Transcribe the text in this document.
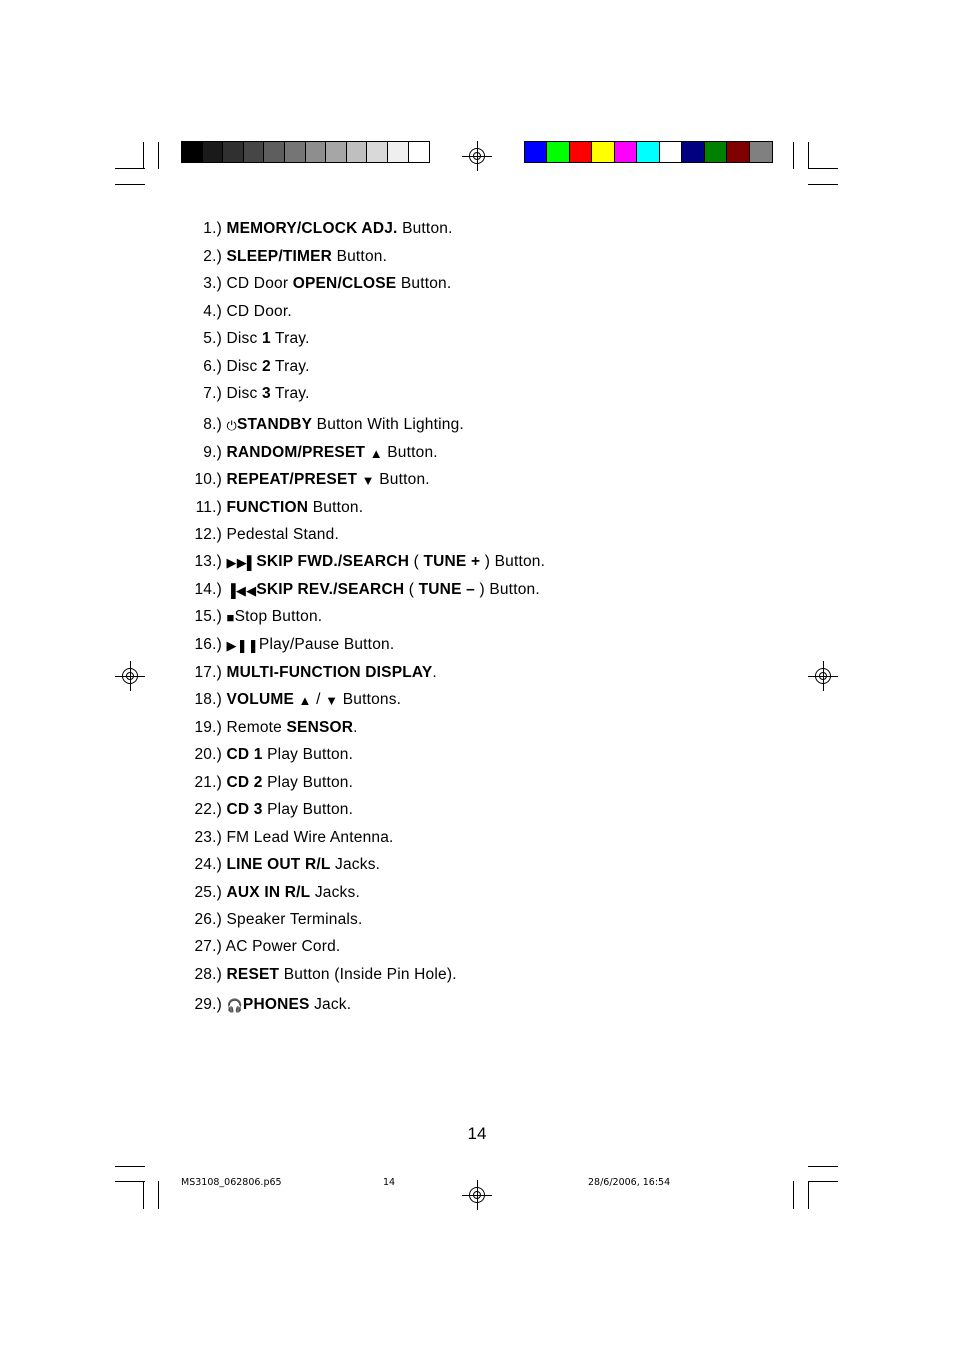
1.) MEMORY/CLOCK ADJ. Button.
2.) SLEEP/TIMER Button.
3.) CD Door OPEN/CLOSE Button.
4.) CD Door.
5.) Disc 1 Tray.
6.) Disc 2 Tray.
7.) Disc 3 Tray.
8.) ⏻STANDBY Button With Lighting.
9.) RANDOM/PRESET ▲ Button.
10.) REPEAT/PRESET ▼ Button.
11.) FUNCTION Button.
12.) Pedestal Stand.
13.) ▶▶▌SKIP FWD./SEARCH ( TUNE + ) Button.
14.) ▐◀◀SKIP REV./SEARCH ( TUNE – ) Button.
15.) ■Stop Button.
16.) ▶❚❚Play/Pause Button.
17.) MULTI-FUNCTION DISPLAY.
18.) VOLUME ▲ / ▼ Buttons.
19.) Remote SENSOR.
20.) CD 1 Play Button.
21.) CD 2 Play Button.
22.) CD 3 Play Button.
23.) FM Lead Wire Antenna.
24.) LINE OUT R/L Jacks.
25.) AUX IN R/L Jacks.
26.) Speaker Terminals.
27.) AC Power Cord.
28.) RESET Button (Inside Pin Hole).
29.) 🎧PHONES Jack.
14
MS3108_062806.p65	14	28/6/2006, 16:54
